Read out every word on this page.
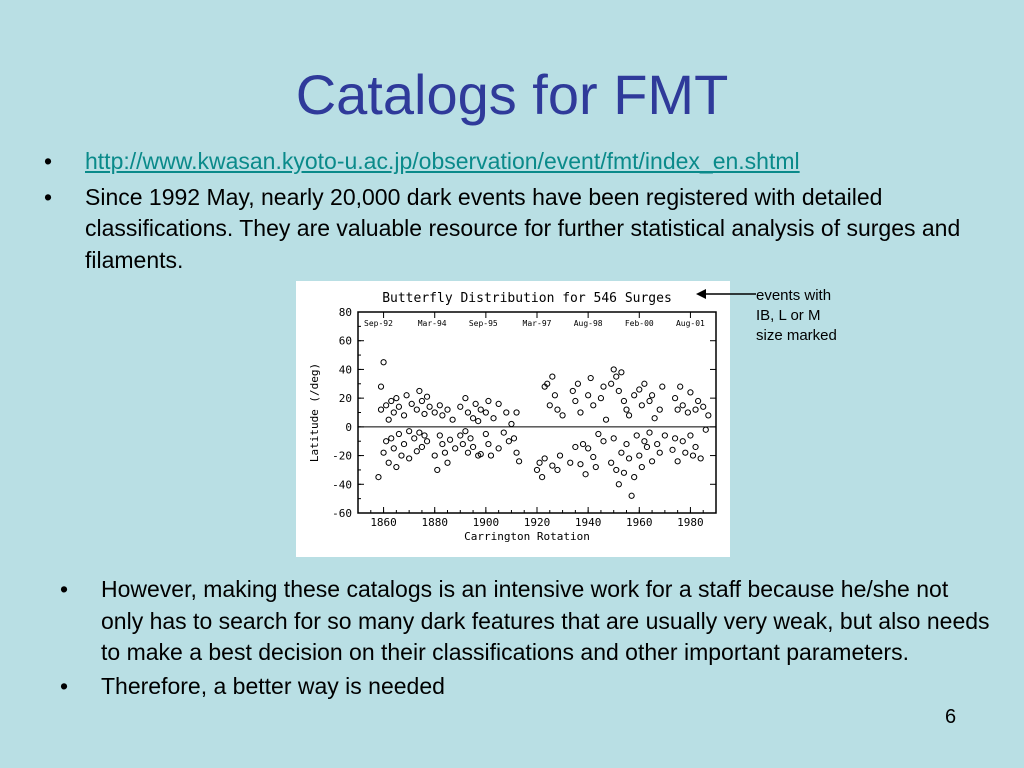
Catalogs for FMT
• http://www.kwasan.kyoto-u.ac.jp/observation/event/fmt/index_en.shtml
• Since 1992 May, nearly 20,000 dark events have been registered with detailed classifications. They are valuable resource for further statistical analysis of surges and filaments.
Butterfly Distribution for 546 Surges
-60
-40
-20
0
20
40
60
80
1860 1880 1900 1920 1940 1960 1980
Sep-92	Mar-94	Sep-95	Mar-97	Aug-98	Feb-00	Aug-01
Carrington Rotation
Latitude (/deg)
events with
IB, L or M
size marked
• However, making these catalogs is an intensive work for a staff because he/she not only has to search for so many dark features that are usually very weak, but also needs to make a best decision on their classifications and other important parameters.
• Therefore, a better way is needed
6
